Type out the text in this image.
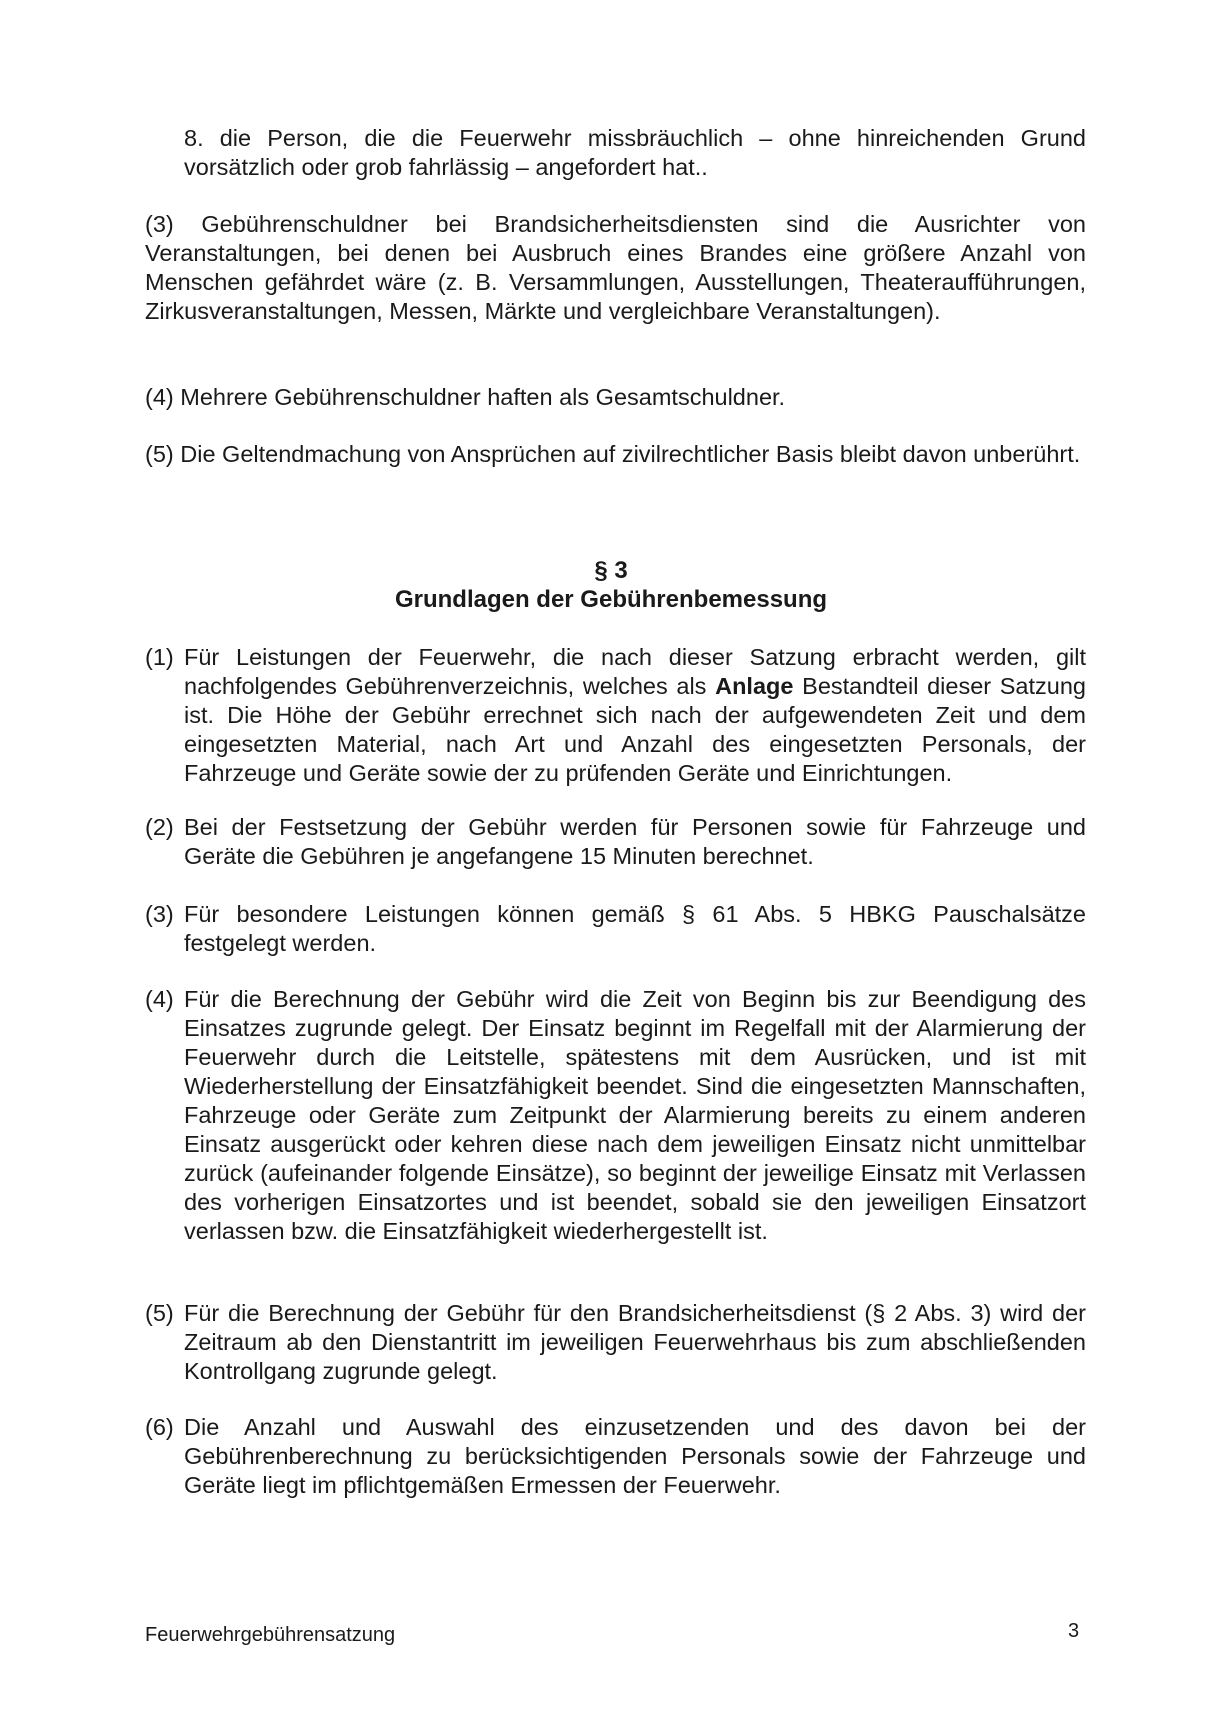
8. die Person, die die Feuerwehr missbräuchlich – ohne hinreichenden Grund vorsätzlich oder grob fahrlässig – angefordert hat..
(3) Gebührenschuldner bei Brandsicherheitsdiensten sind die Ausrichter von Veranstaltungen, bei denen bei Ausbruch eines Brandes eine größere Anzahl von Menschen gefährdet wäre (z. B. Versammlungen, Ausstellungen, Theateraufführungen, Zirkusveranstaltungen, Messen, Märkte und vergleichbare Veranstaltungen).
(4) Mehrere Gebührenschuldner haften als Gesamtschuldner.
(5) Die Geltendmachung von Ansprüchen auf zivilrechtlicher Basis bleibt davon unberührt.
§ 3
Grundlagen der Gebührenbemessung
(1) Für Leistungen der Feuerwehr, die nach dieser Satzung erbracht werden, gilt nachfolgendes Gebührenverzeichnis, welches als Anlage Bestandteil dieser Satzung ist. Die Höhe der Gebühr errechnet sich nach der aufgewendeten Zeit und dem eingesetzten Material, nach Art und Anzahl des eingesetzten Personals, der Fahrzeuge und Geräte sowie der zu prüfenden Geräte und Einrichtungen.
(2) Bei der Festsetzung der Gebühr werden für Personen sowie für Fahrzeuge und Geräte die Gebühren je angefangene 15 Minuten berechnet.
(3) Für besondere Leistungen können gemäß § 61 Abs. 5 HBKG Pauschalsätze festgelegt werden.
(4) Für die Berechnung der Gebühr wird die Zeit von Beginn bis zur Beendigung des Einsatzes zugrunde gelegt. Der Einsatz beginnt im Regelfall mit der Alarmierung der Feuerwehr durch die Leitstelle, spätestens mit dem Ausrücken, und ist mit Wiederherstellung der Einsatzfähigkeit beendet. Sind die eingesetzten Mannschaften, Fahrzeuge oder Geräte zum Zeitpunkt der Alarmierung bereits zu einem anderen Einsatz ausgerückt oder kehren diese nach dem jeweiligen Einsatz nicht unmittelbar zurück (aufeinander folgende Einsätze), so beginnt der jeweilige Einsatz mit Verlassen des vorherigen Einsatzortes und ist beendet, sobald sie den jeweiligen Einsatzort verlassen bzw. die Einsatzfähigkeit wiederhergestellt ist.
(5) Für die Berechnung der Gebühr für den Brandsicherheitsdienst (§ 2 Abs. 3) wird der Zeitraum ab den Dienstantritt im jeweiligen Feuerwehrhaus bis zum abschließenden Kontrollgang zugrunde gelegt.
(6) Die Anzahl und Auswahl des einzusetzenden und des davon bei der Gebührenberechnung zu berücksichtigenden Personals sowie der Fahrzeuge und Geräte liegt im pflichtgemäßen Ermessen der Feuerwehr.
Feuerwehrgebührensatzung	3
